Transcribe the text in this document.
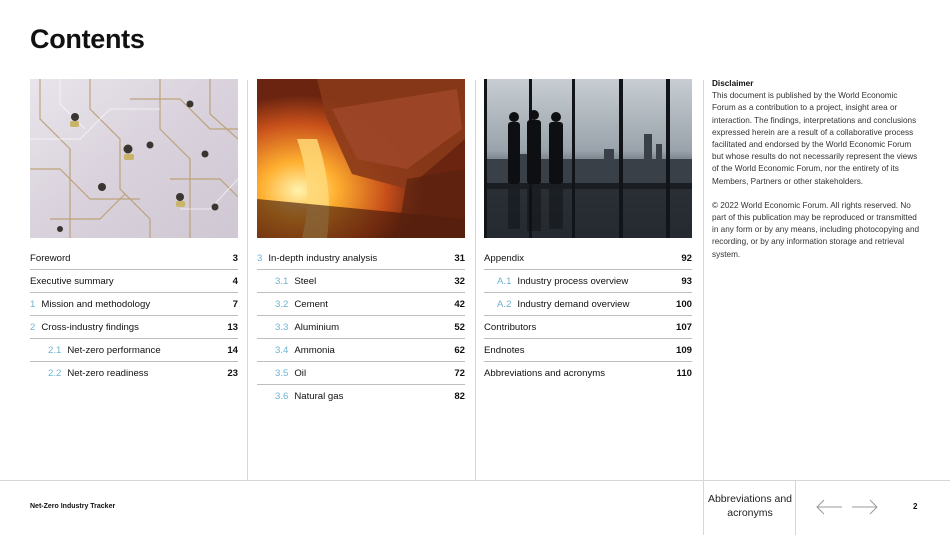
Contents
Foreword	3
Executive summary	4
1 Mission and methodology	7
2 Cross-industry findings	13
2.1 Net-zero performance	14
2.2 Net-zero readiness	23
3 In-depth industry analysis	31
3.1 Steel	32
3.2 Cement	42
3.3 Aluminium	52
3.4 Ammonia	62
3.5 Oil	72
3.6 Natural gas	82
Appendix	92
A.1 Industry process overview	93
A.2 Industry demand overview	100
Contributors	107
Endnotes	109
Abbreviations and acronyms	110

Disclaimer
This document is published by the World Economic Forum as a contribution to a project, insight area or interaction. The findings, interpretations and conclusions expressed herein are a result of a collaborative process facilitated and endorsed by the World Economic Forum but whose results do not necessarily represent the views of the World Economic Forum, nor the entirety of its Members, Partners or other stakeholders.

© 2022 World Economic Forum. All rights reserved. No part of this publication may be reproduced or transmitted in any form or by any means, including photocopying and recording, or by any information storage and retrieval system.

Net-Zero Industry Tracker
Abbreviations and acronyms	2
